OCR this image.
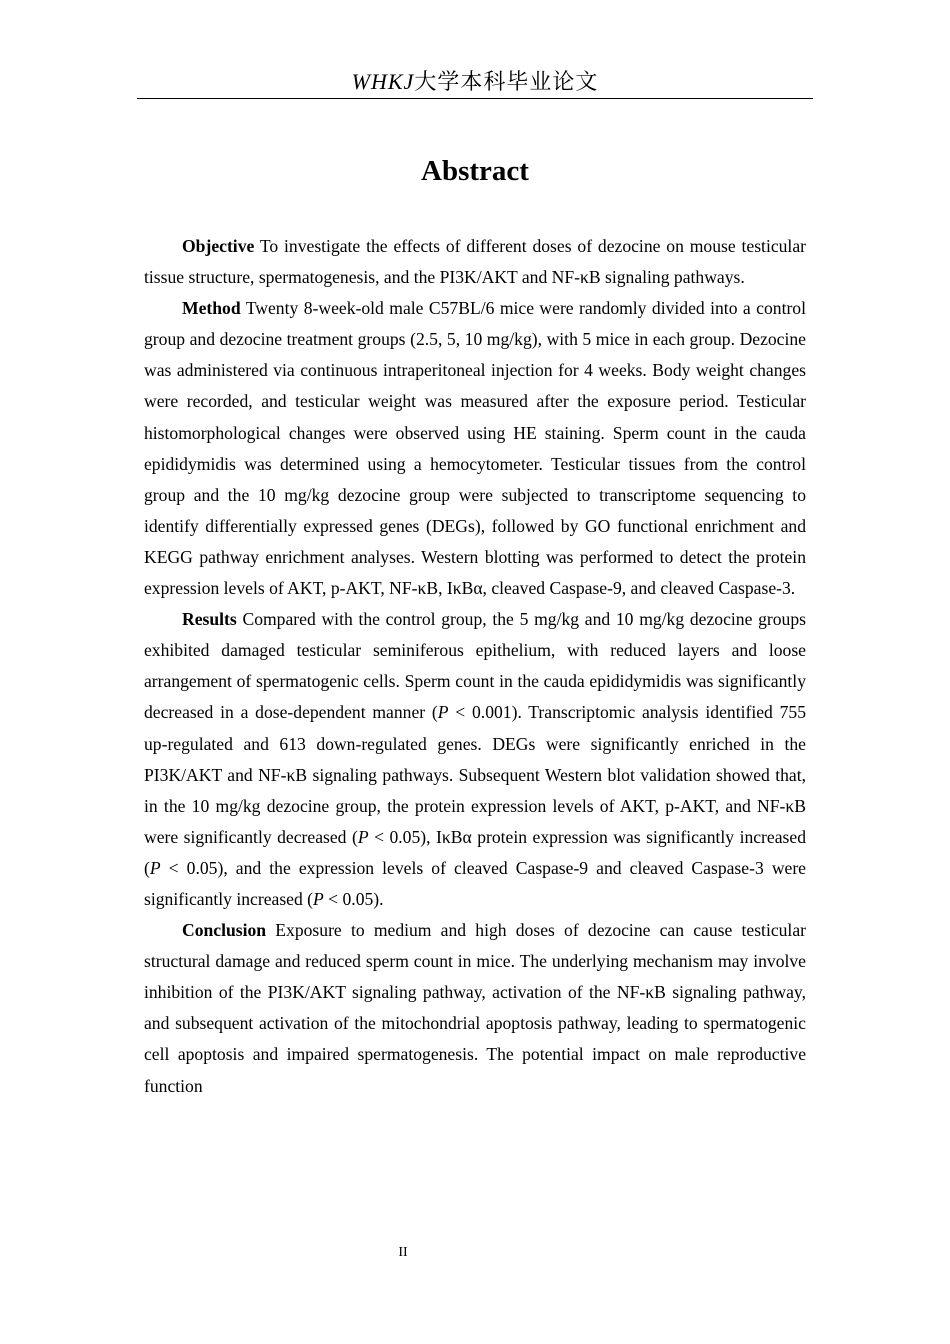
WHKJ大学本科毕业论文
Abstract

Objective To investigate the effects of different doses of dezocine on mouse testicular tissue structure, spermatogenesis, and the PI3K/AKT and NF-κB signaling pathways.

Method Twenty 8-week-old male C57BL/6 mice were randomly divided into a control group and dezocine treatment groups (2.5, 5, 10 mg/kg), with 5 mice in each group. Dezocine was administered via continuous intraperitoneal injection for 4 weeks. Body weight changes were recorded, and testicular weight was measured after the exposure period. Testicular histomorphological changes were observed using HE staining. Sperm count in the cauda epididymidis was determined using a hemocytometer. Testicular tissues from the control group and the 10 mg/kg dezocine group were subjected to transcriptome sequencing to identify differentially expressed genes (DEGs), followed by GO functional enrichment and KEGG pathway enrichment analyses. Western blotting was performed to detect the protein expression levels of AKT, p-AKT, NF-κB, IκBα, cleaved Caspase-9, and cleaved Caspase-3.

Results Compared with the control group, the 5 mg/kg and 10 mg/kg dezocine groups exhibited damaged testicular seminiferous epithelium, with reduced layers and loose arrangement of spermatogenic cells. Sperm count in the cauda epididymidis was significantly decreased in a dose-dependent manner (P < 0.001). Transcriptomic analysis identified 755 up-regulated and 613 down-regulated genes. DEGs were significantly enriched in the PI3K/AKT and NF-κB signaling pathways. Subsequent Western blot validation showed that, in the 10 mg/kg dezocine group, the protein expression levels of AKT, p-AKT, and NF-κB were significantly decreased (P < 0.05), IκBα protein expression was significantly increased (P < 0.05), and the expression levels of cleaved Caspase-9 and cleaved Caspase-3 were significantly increased (P < 0.05).

Conclusion Exposure to medium and high doses of dezocine can cause testicular structural damage and reduced sperm count in mice. The underlying mechanism may involve inhibition of the PI3K/AKT signaling pathway, activation of the NF-κB signaling pathway, and subsequent activation of the mitochondrial apoptosis pathway, leading to spermatogenic cell apoptosis and impaired spermatogenesis. The potential impact on male reproductive function

II
